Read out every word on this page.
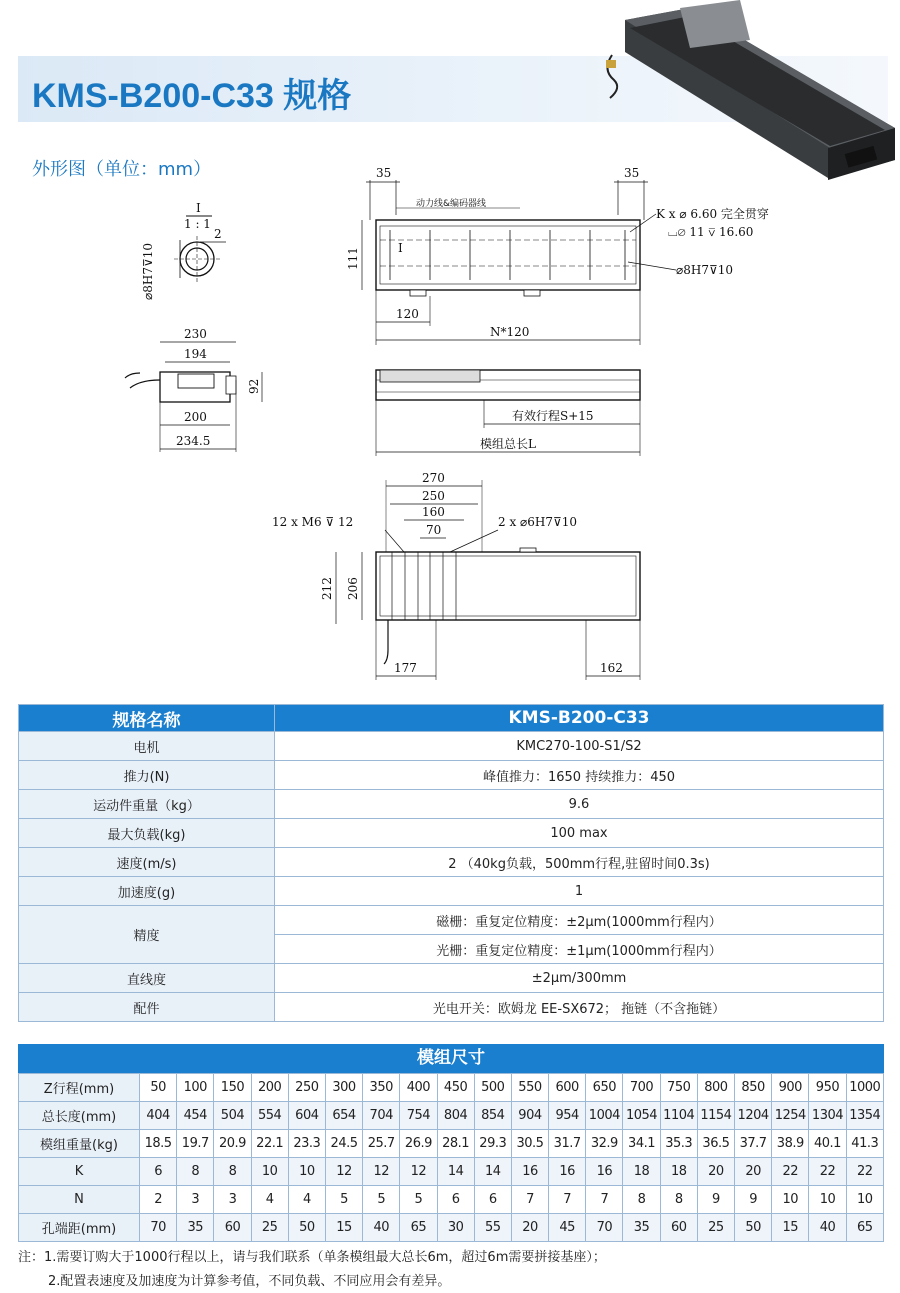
KMS-B200-C33 规格
外形图（单位：mm）
I
1 : 1
2
⌀8H7⊽10
35	35
动力线&编码器线
K x ⌀ 6.60 完全贯穿
⌴⌀ 11 ⊽ 16.60
⌀8H7⊽10
111	I
120
N*120
230
194
92
200
234.5
有效行程S+15
模组总长L
270
250
160
70
12 x M6 ⊽ 12	2 x ⌀6H7⊽10
212 206
177	162
规格名称	KMS-B200-C33
电机	KMC270-100-S1/S2
推力(N)	峰值推力：1650 持续推力：450
运动件重量（kg）	9.6
最大负载(kg)	100 max
速度(m/s)	2 （40kg负载，500mm行程,驻留时间0.3s)
加速度(g)	1
精度	磁栅：重复定位精度：±2μm(1000mm行程内）
	光栅：重复定位精度：±1μm(1000mm行程内）
直线度	±2μm/300mm
配件	光电开关：欧姆龙 EE-SX672； 拖链（不含拖链）
模组尺寸
Z行程(mm)	50	100	150	200	250	300	350	400	450	500	550	600	650	700	750	800	850	900	950	1000
总长度(mm)	404	454	504	554	604	654	704	754	804	854	904	954	1004	1054	1104	1154	1204	1254	1304	1354
模组重量(kg)	18.5	19.7	20.9	22.1	23.3	24.5	25.7	26.9	28.1	29.3	30.5	31.7	32.9	34.1	35.3	36.5	37.7	38.9	40.1	41.3
K	6	8	8	10	10	12	12	12	14	14	16	16	16	18	18	20	20	22	22	22
N	2	3	3	4	4	5	5	5	6	6	7	7	7	8	8	9	9	10	10	10
孔端距(mm)	70	35	60	25	50	15	40	65	30	55	20	45	70	35	60	25	50	15	40	65
注：1.需要订购大于1000行程以上，请与我们联系（单条模组最大总长6m，超过6m需要拼接基座）；
2.配置表速度及加速度为计算参考值，不同负载、不同应用会有差异。
